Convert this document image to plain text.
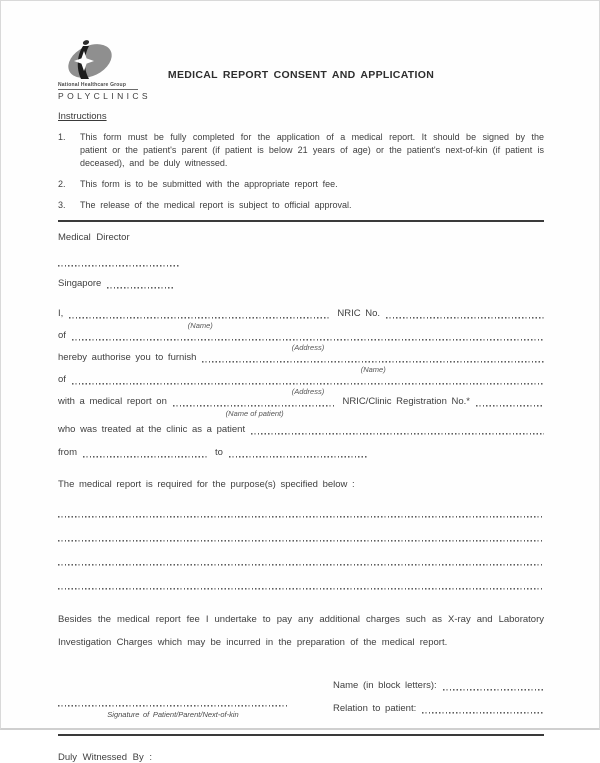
National Healthcare Group
POLYCLINICS
MEDICAL REPORT CONSENT AND APPLICATION
Instructions
1.	This form must be fully completed for the application of a medical report. It should be signed by the patient or the patient's parent (if patient is below 21 years of age) or the patient's next-of-kin (if patient is deceased), and be duly witnessed.
2.	This form is to be submitted with the appropriate report fee.
3.	The release of the medical report is subject to official approval.
Medical Director
Singapore
I,
(Name)
NRIC No.
of
(Address)
hereby authorise you to furnish
(Name)
of
(Address)
with a medical report on
(Name of patient)
NRIC/Clinic Registration No.*
who was treated at the clinic as a patient
from	to
The medical report is required for the purpose(s) specified below :

Besides the medical report fee I undertake to pay any additional charges such as X-ray and Laboratory Investigation Charges which may be incurred in the preparation of the medical report.

Signature of Patient/Parent/Next-of-kin
Name (in block letters):
Relation to patient:
Duly Witnessed By :
